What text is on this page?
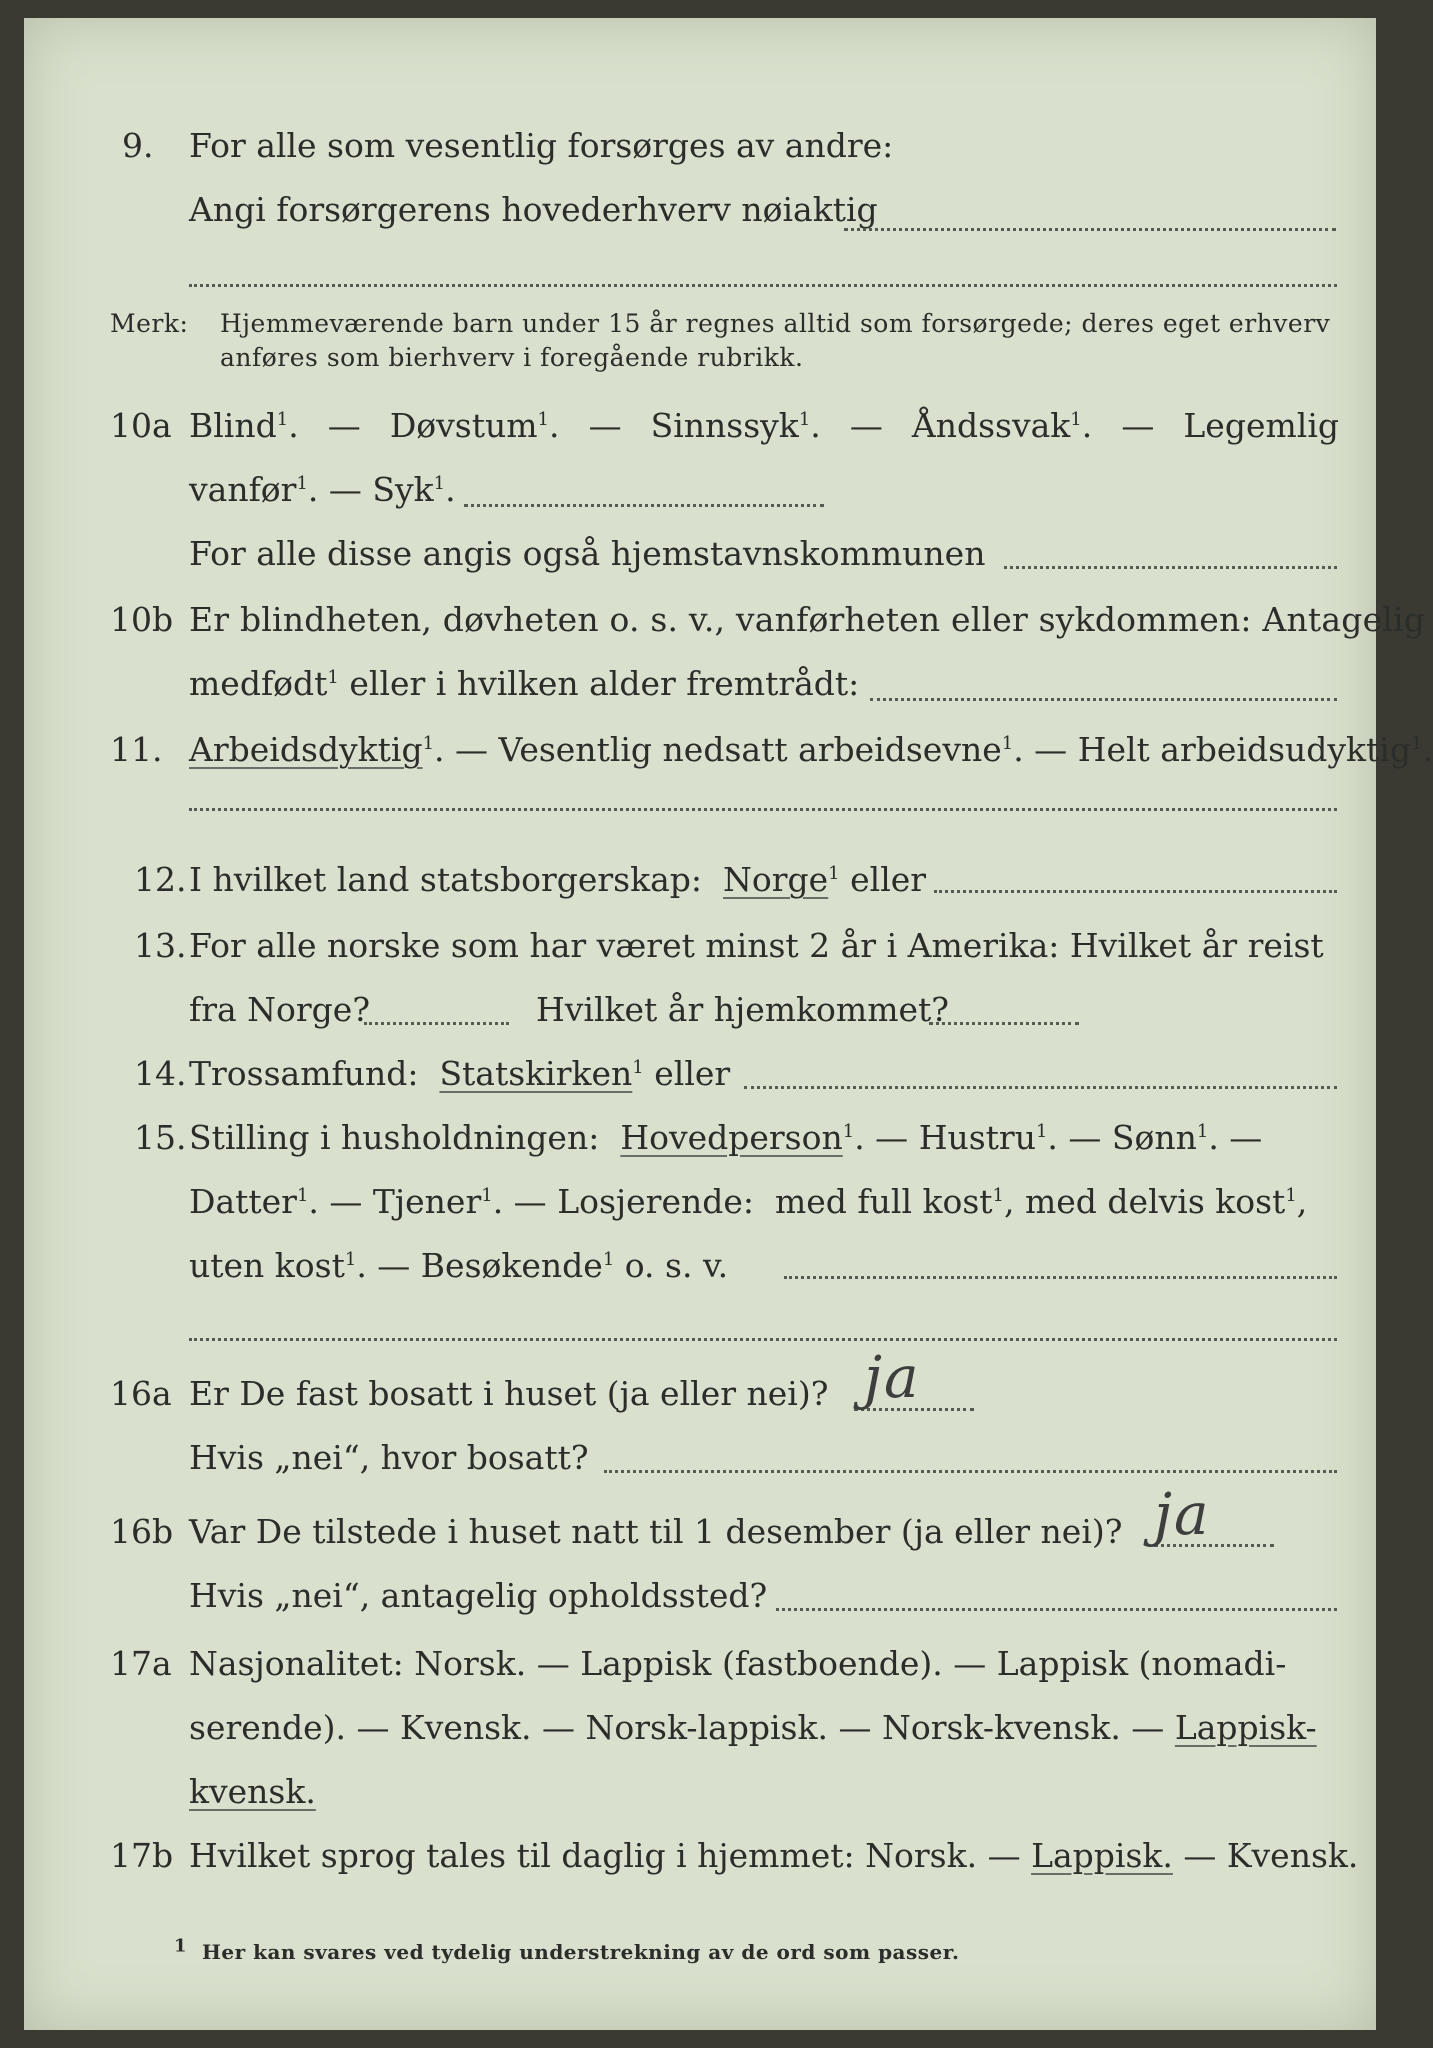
9. For alle som vesentlig forsørges av andre:
Angi forsørgerens hovederhverv nøiaktig
Merk: Hjemmeværende barn under 15 år regnes alltid som forsørgede; deres eget erhverv
anføres som bierhverv i foregående rubrikk.
10a Blind$^1$. — Døvstum$^1$. — Sinnssyk$^1$. — Åndssvak$^1$. — Legemlig
vanfør$^1$. — Syk$^1$.
For alle disse angis også hjemstavnskommunen
10b Er blindheten, døvheten o. s. v., vanførheten eller sykdommen: Antagelig
medfødt$^1$ eller i hvilken alder fremtrådt:
11. Arbeidsdyktig$^1$. — Vesentlig nedsatt arbeidsevne$^1$. — Helt arbeidsudyktig$^1$.
12. I hvilket land statsborgerskap: Norge$^1$ eller
13. For alle norske som har været minst 2 år i Amerika: Hvilket år reist
fra Norge?	Hvilket år hjemkommet?
14. Trossamfund: Statskirken$^1$ eller
15. Stilling i husholdningen: Hovedperson$^1$. — Hustru$^1$. — Sønn$^1$. —
Datter$^1$. — Tjener$^1$. — Losjerende: med full kost$^1$, med delvis kost$^1$,
uten kost$^1$. — Besøkende$^1$ o. s. v.
16a Er De fast bosatt i huset (ja eller nei)? ja
Hvis „nei“, hvor bosatt?
16b Var De tilstede i huset natt til 1 desember (ja eller nei)? ja
Hvis „nei“, antagelig opholdssted?
17a Nasjonalitet: Norsk. — Lappisk (fastboende). — Lappisk (nomadi-
serende). — Kvensk. — Norsk-lappisk. — Norsk-kvensk. — Lappisk-
kvensk.
17b Hvilket sprog tales til daglig i hjemmet: Norsk. — Lappisk. — Kvensk.
$^1$ Her kan svares ved tydelig understrekning av de ord som passer.
